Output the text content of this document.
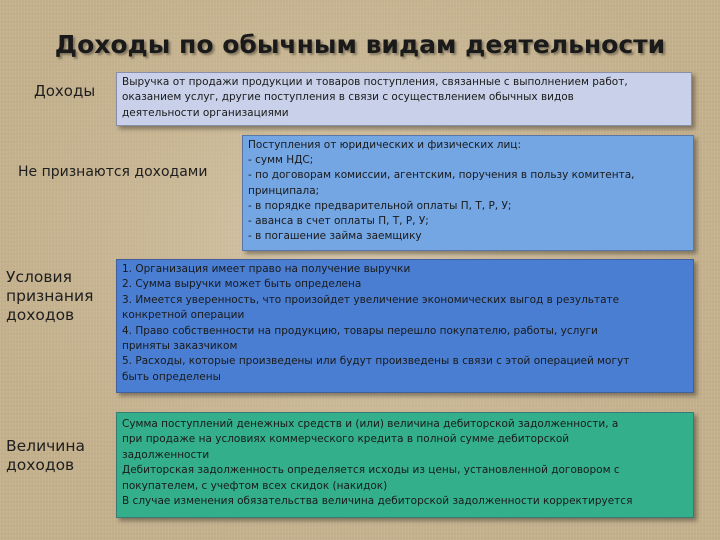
Доходы по обычным видам деятельности
Доходы	Выручка от продажи продукции и товаров поступления, связанные с выполнением работ,
оказанием услуг, другие поступления в связи с осуществлением обычных видов
деятельности организациями
Не признаются доходами
Поступления от юридических и физических лиц:
- сумм НДС;
- по договорам комиссии, агентским, поручения в пользу комитента,
принципала;
- в порядке предварительной оплаты П, Т, Р, У;
- аванса в счет оплаты П, Т, Р, У;
- в погашение займа заемщику
Условия
признания
доходов
1. Организация имеет право на получение выручки
2. Сумма выручки может быть определена
3. Имеется уверенность, что произойдет увеличение экономических выгод в результате
конкретной операции
4. Право собственности на продукцию, товары перешло покупателю, работы, услуги
приняты заказчиком
5. Расходы, которые произведены или будут произведены в связи с этой операцией могут
быть определены
Величина
доходов
Сумма поступлений денежных средств и (или) величина дебиторской задолженности, а
при продаже на условиях коммерческого кредита в полной сумме дебиторской
задолженности
Дебиторская задолженность определяется исходы из цены, установленной договором с
покупателем, с учефтом всех скидок (накидок)
В случае изменения обязательства величина дебиторской задолженности корректируется
